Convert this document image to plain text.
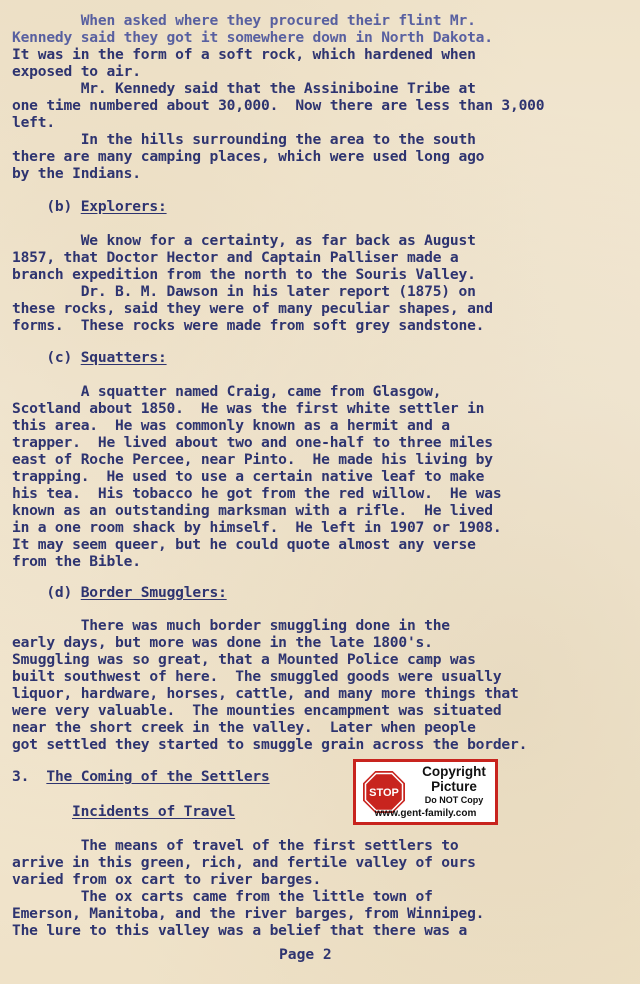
When asked where they procured their flint Mr.
Kennedy said they got it somewhere down in North Dakota.
It was in the form of a soft rock, which hardened when
exposed to air.
Mr. Kennedy said that the Assiniboine Tribe at
one time numbered about 30,000.  Now there are less than 3,000
left.
In the hills surrounding the area to the south
there are many camping places, which were used long ago
by the Indians.
(b) Explorers:
We know for a certainty, as far back as August
1857, that Doctor Hector and Captain Palliser made a
branch expedition from the north to the Souris Valley.
Dr. B. M. Dawson in his later report (1875) on
these rocks, said they were of many peculiar shapes, and
forms.  These rocks were made from soft grey sandstone.
(c) Squatters:
A squatter named Craig, came from Glasgow,
Scotland about 1850.  He was the first white settler in
this area.  He was commonly known as a hermit and a
trapper.  He lived about two and one-half to three miles
east of Roche Percee, near Pinto.  He made his living by
trapping.  He used to use a certain native leaf to make
his tea.  His tobacco he got from the red willow.  He was
known as an outstanding marksman with a rifle.  He lived
in a one room shack by himself.  He left in 1907 or 1908.
It may seem queer, but he could quote almost any verse
from the Bible.
(d) Border Smugglers:
There was much border smuggling done in the
early days, but more was done in the late 1800's.
Smuggling was so great, that a Mounted Police camp was
built southwest of here.  The smuggled goods were usually
liquor, hardware, horses, cattle, and many more things that
were very valuable.  The mounties encampment was situated
near the short creek in the valley.  Later when people
got settled they started to smuggle grain across the border.
3.  The Coming of the Settlers
Incidents of Travel
The means of travel of the first settlers to
arrive in this green, rich, and fertile valley of ours
varied from ox cart to river barges.
The ox carts came from the little town of
Emerson, Manitoba, and the river barges, from Winnipeg.
The lure to this valley was a belief that there was a
Page 2
STOP
Copyright Picture
Do NOT Copy
www.gent-family.com
